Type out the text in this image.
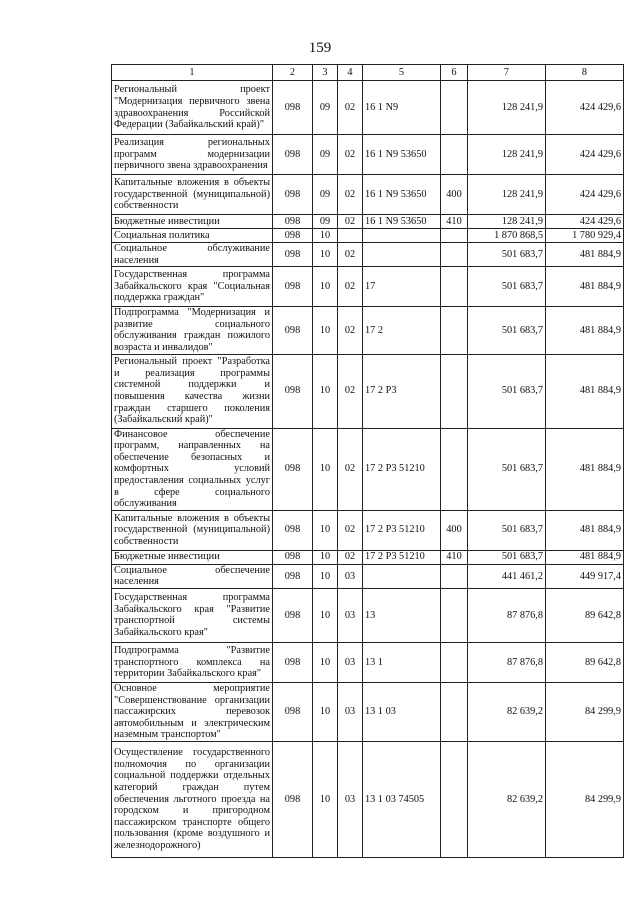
159
1	2	3	4	5	6	7	8
Региональный проект "Модернизация первичного звена здравоохранения Российской Федерации (Забайкальский край)"	098	09	02	16 1 N9		128 241,9	424 429,6
Реализация региональных программ модернизации первичного звена здравоохранения	098	09	02	16 1 N9 53650		128 241,9	424 429,6
Капитальные вложения в объекты государственной (муниципальной) собственности	098	09	02	16 1 N9 53650	400	128 241,9	424 429,6
Бюджетные инвестиции	098	09	02	16 1 N9 53650	410	128 241,9	424 429,6
Социальная политика	098	10				1 870 868,5	1 780 929,4
Социальное обслуживание населения	098	10	02			501 683,7	481 884,9
Государственная программа Забайкальского края "Социальная поддержка граждан"	098	10	02	17		501 683,7	481 884,9
Подпрограмма "Модернизация и развитие социального обслуживания граждан пожилого возраста и инвалидов"	098	10	02	17 2		501 683,7	481 884,9
Региональный проект "Разработка и реализация программы системной поддержки и повышения качества жизни граждан старшего поколения (Забайкальский край)"	098	10	02	17 2 P3		501 683,7	481 884,9
Финансовое обеспечение программ, направленных на обеспечение безопасных и комфортных условий предоставления социальных услуг в сфере социального обслуживания	098	10	02	17 2 P3 51210		501 683,7	481 884,9
Капитальные вложения в объекты государственной (муниципальной) собственности	098	10	02	17 2 P3 51210	400	501 683,7	481 884,9
Бюджетные инвестиции	098	10	02	17 2 P3 51210	410	501 683,7	481 884,9
Социальное обеспечение населения	098	10	03			441 461,2	449 917,4
Государственная программа Забайкальского края "Развитие транспортной системы Забайкальского края"	098	10	03	13		87 876,8	89 642,8
Подпрограмма "Развитие транспортного комплекса на территории Забайкальского края"	098	10	03	13 1		87 876,8	89 642,8
Основное мероприятие "Совершенствование организации пассажирских перевозок автомобильным и электрическим наземным транспортом"	098	10	03	13 1 03		82 639,2	84 299,9
Осуществление государственного полномочия по организации социальной поддержки отдельных категорий граждан путем обеспечения льготного проезда на городском и пригородном пассажирском транспорте общего пользования (кроме воздушного и железнодорожного)	098	10	03	13 1 03 74505		82 639,2	84 299,9
